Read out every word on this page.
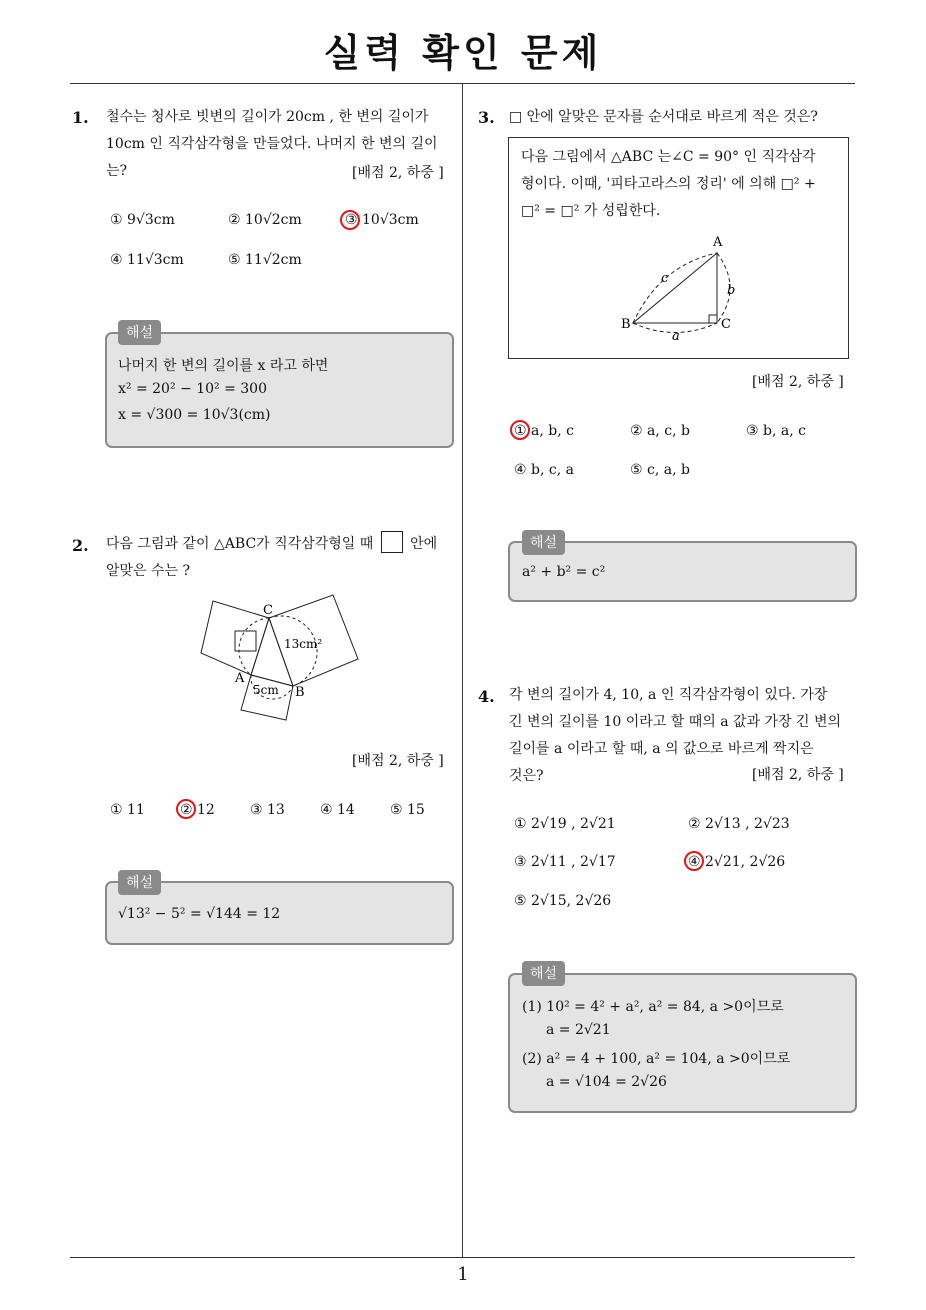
실력 확인 문제
1
1. 철수는 청사로 빗변의 길이가 20cm , 한 변의 길이가
10cm 인 직각삼각형을 만들었다. 나머지 한 변의 길이
는?	[배점 2, 하중 ]
① 9√3cm	② 10√2cm	③ 10√3cm
④ 11√3cm	⑤ 11√2cm
해설
나머지 한 변의 길이를 x 라고 하면
x² = 20² − 10² = 300
x = √300 = 10√3(cm)
2. 다음 그림과 같이 △ABC가 직각삼각형일 때	안에
알맞은 수는 ?
C
13cm²
A
5cm B
[배점 2, 하중 ]
① 11	② 12	③ 13	④ 14	⑤ 15
해설
√13² − 5² = √144 = 12
3. □ 안에 알맞은 문자를 순서대로 바르게 적은 것은?
다음 그림에서 △ABC 는∠C = 90° 인 직각삼각
형이다. 이때, '피타고라스의 정리' 에 의해 □² +
□² = □² 가 성립한다.
A
c
b
B
a
C
[배점 2, 하중 ]
① a, b, c	② a, c, b	③ b, a, c
④ b, c, a	⑤ c, a, b
해설
a² + b² = c²
4. 각 변의 길이가 4, 10, a 인 직각삼각형이 있다. 가장
긴 변의 길이를 10 이라고 할 때의 a 값과 가장 긴 변의
길이를 a 이라고 할 때, a 의 값으로 바르게 짝지은
것은?	[배점 2, 하중 ]
① 2√19 , 2√21	② 2√13 , 2√23
③ 2√11 , 2√17	④ 2√21, 2√26
⑤ 2√15, 2√26
해설
(1) 10² = 4² + a², a² = 84, a >0이므로
a = 2√21
(2) a² = 4 + 100, a² = 104, a >0이므로
a = √104 = 2√26
